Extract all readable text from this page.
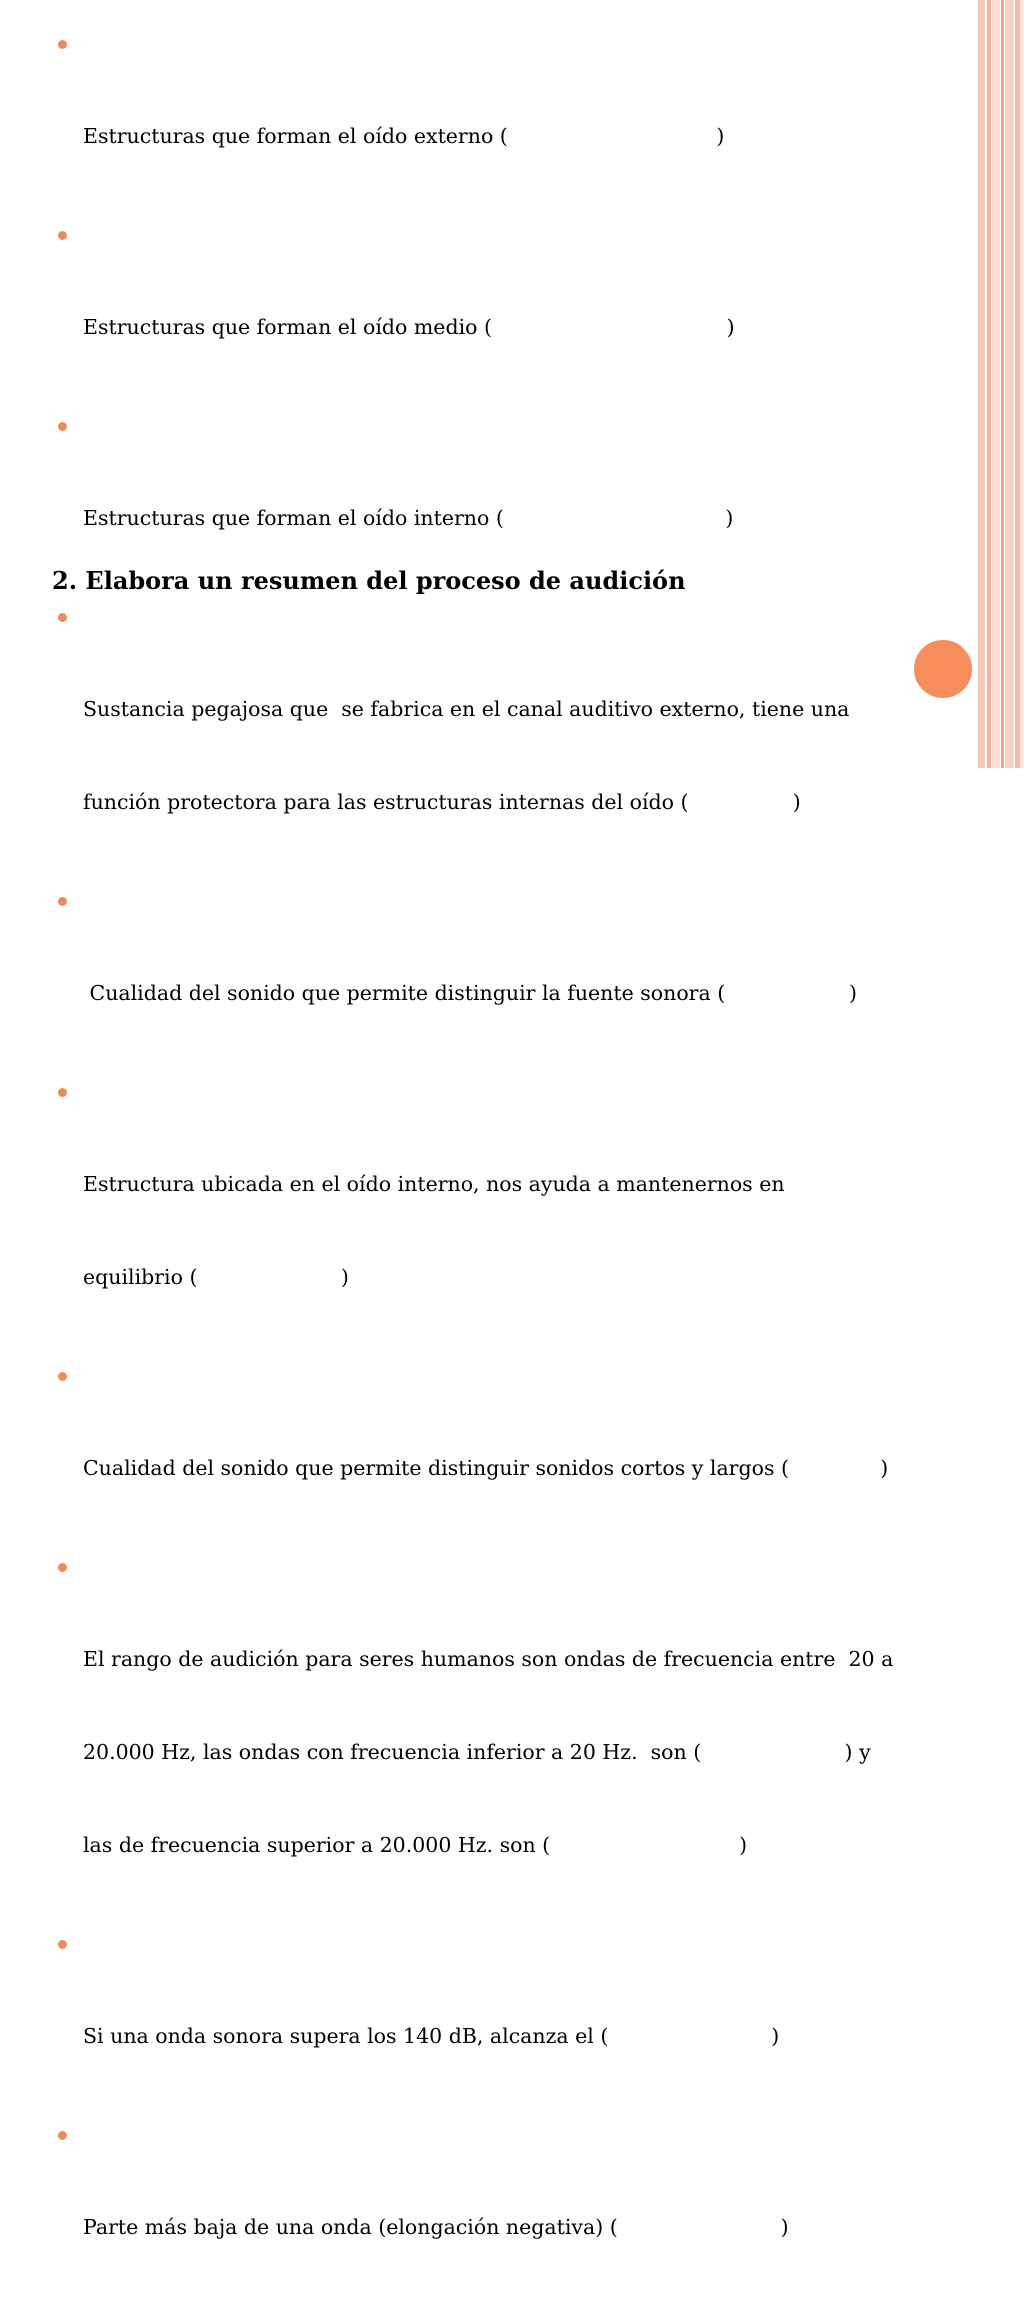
Estructuras que forman el oído externo (                                )

Estructuras que forman el oído medio (                                    )

Estructuras que forman el oído interno (                                  )

Sustancia pegajosa que  se fabrica en el canal auditivo externo, tiene una

función protectora para las estructuras internas del oído (                )

Cualidad del sonido que permite distinguir la fuente sonora (                   )

Estructura ubicada en el oído interno, nos ayuda a mantenernos en

equilibrio (                      )

Cualidad del sonido que permite distinguir sonidos cortos y largos (              )

El rango de audición para seres humanos son ondas de frecuencia entre  20 a

20.000 Hz, las ondas con frecuencia inferior a 20 Hz.  son (                      ) y

las de frecuencia superior a 20.000 Hz. son (                             )

Si una onda sonora supera los 140 dB, alcanza el (                         )

Parte más baja de una onda (elongación negativa) (                         )

2. Elabora un resumen del proceso de audición
